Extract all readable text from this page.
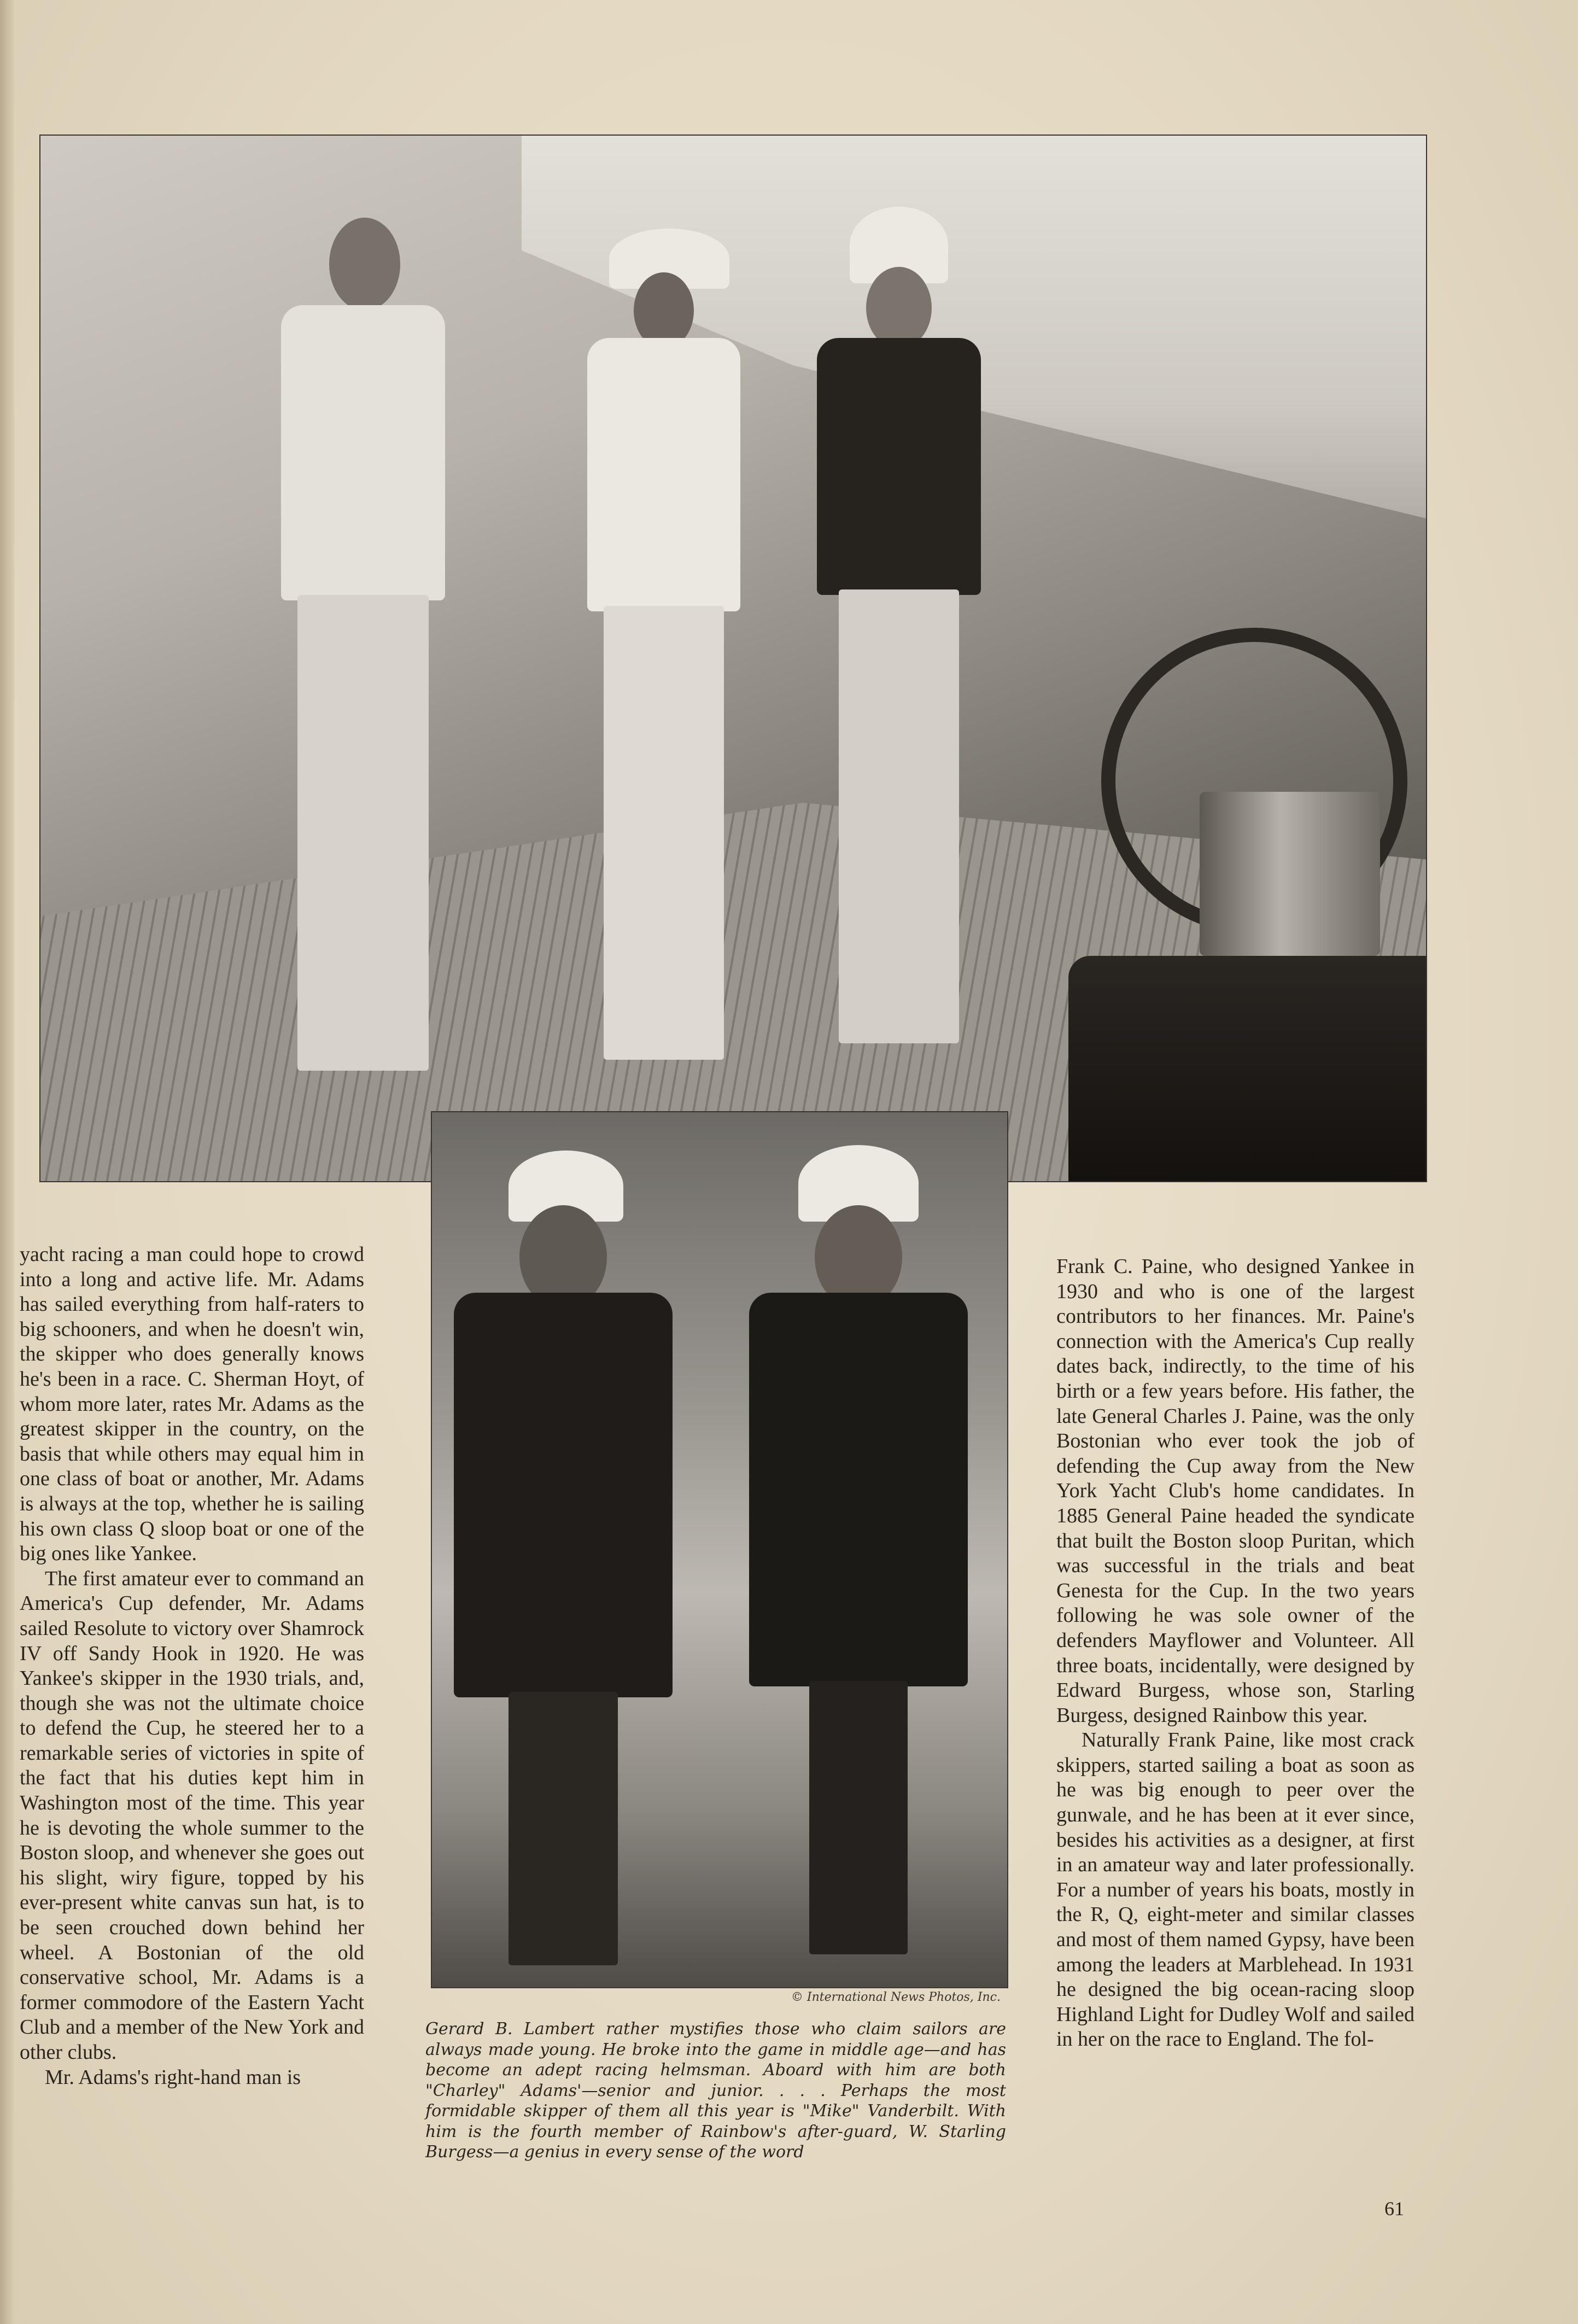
© International News Photos, Inc.

yacht racing a man could hope to crowd into a long and active life. Mr. Adams has sailed everything from half-raters to big schooners, and when he doesn't win, the skipper who does generally knows he's been in a race. C. Sherman Hoyt, of whom more later, rates Mr. Adams as the greatest skipper in the country, on the basis that while others may equal him in one class of boat or another, Mr. Adams is always at the top, whether he is sailing his own class Q sloop boat or one of the big ones like Yankee.

The first amateur ever to command an America's Cup defender, Mr. Adams sailed Resolute to victory over Shamrock IV off Sandy Hook in 1920. He was Yankee's skipper in the 1930 trials, and, though she was not the ultimate choice to defend the Cup, he steered her to a remarkable series of victories in spite of the fact that his duties kept him in Washington most of the time. This year he is devoting the whole summer to the Boston sloop, and whenever she goes out his slight, wiry figure, topped by his ever-present white canvas sun hat, is to be seen crouched down behind her wheel. A Bostonian of the old conservative school, Mr. Adams is a former commodore of the Eastern Yacht Club and a member of the New York and other clubs.

Mr. Adams's right-hand man is

Frank C. Paine, who designed Yankee in 1930 and who is one of the largest contributors to her finances. Mr. Paine's connection with the America's Cup really dates back, indirectly, to the time of his birth or a few years before. His father, the late General Charles J. Paine, was the only Bostonian who ever took the job of defending the Cup away from the New York Yacht Club's home candidates. In 1885 General Paine headed the syndicate that built the Boston sloop Puritan, which was successful in the trials and beat Genesta for the Cup. In the two years following he was sole owner of the defenders Mayflower and Volunteer. All three boats, incidentally, were designed by Edward Burgess, whose son, Starling Burgess, designed Rainbow this year.

Naturally Frank Paine, like most crack skippers, started sailing a boat as soon as he was big enough to peer over the gunwale, and he has been at it ever since, besides his activities as a designer, at first in an amateur way and later professionally. For a number of years his boats, mostly in the R, Q, eight-meter and similar classes and most of them named Gypsy, have been among the leaders at Marblehead. In 1931 he designed the big ocean-racing sloop Highland Light for Dudley Wolf and sailed in her on the race to England. The fol-

Gerard B. Lambert rather mystifies those who claim sailors are always made young. He broke into the game in middle age—and has become an adept racing helmsman. Aboard with him are both "Charley" Adams'—senior and junior. . . . Perhaps the most formidable skipper of them all this year is "Mike" Vanderbilt. With him is the fourth member of Rainbow's after-guard, W. Starling Burgess—a genius in every sense of the word
61
